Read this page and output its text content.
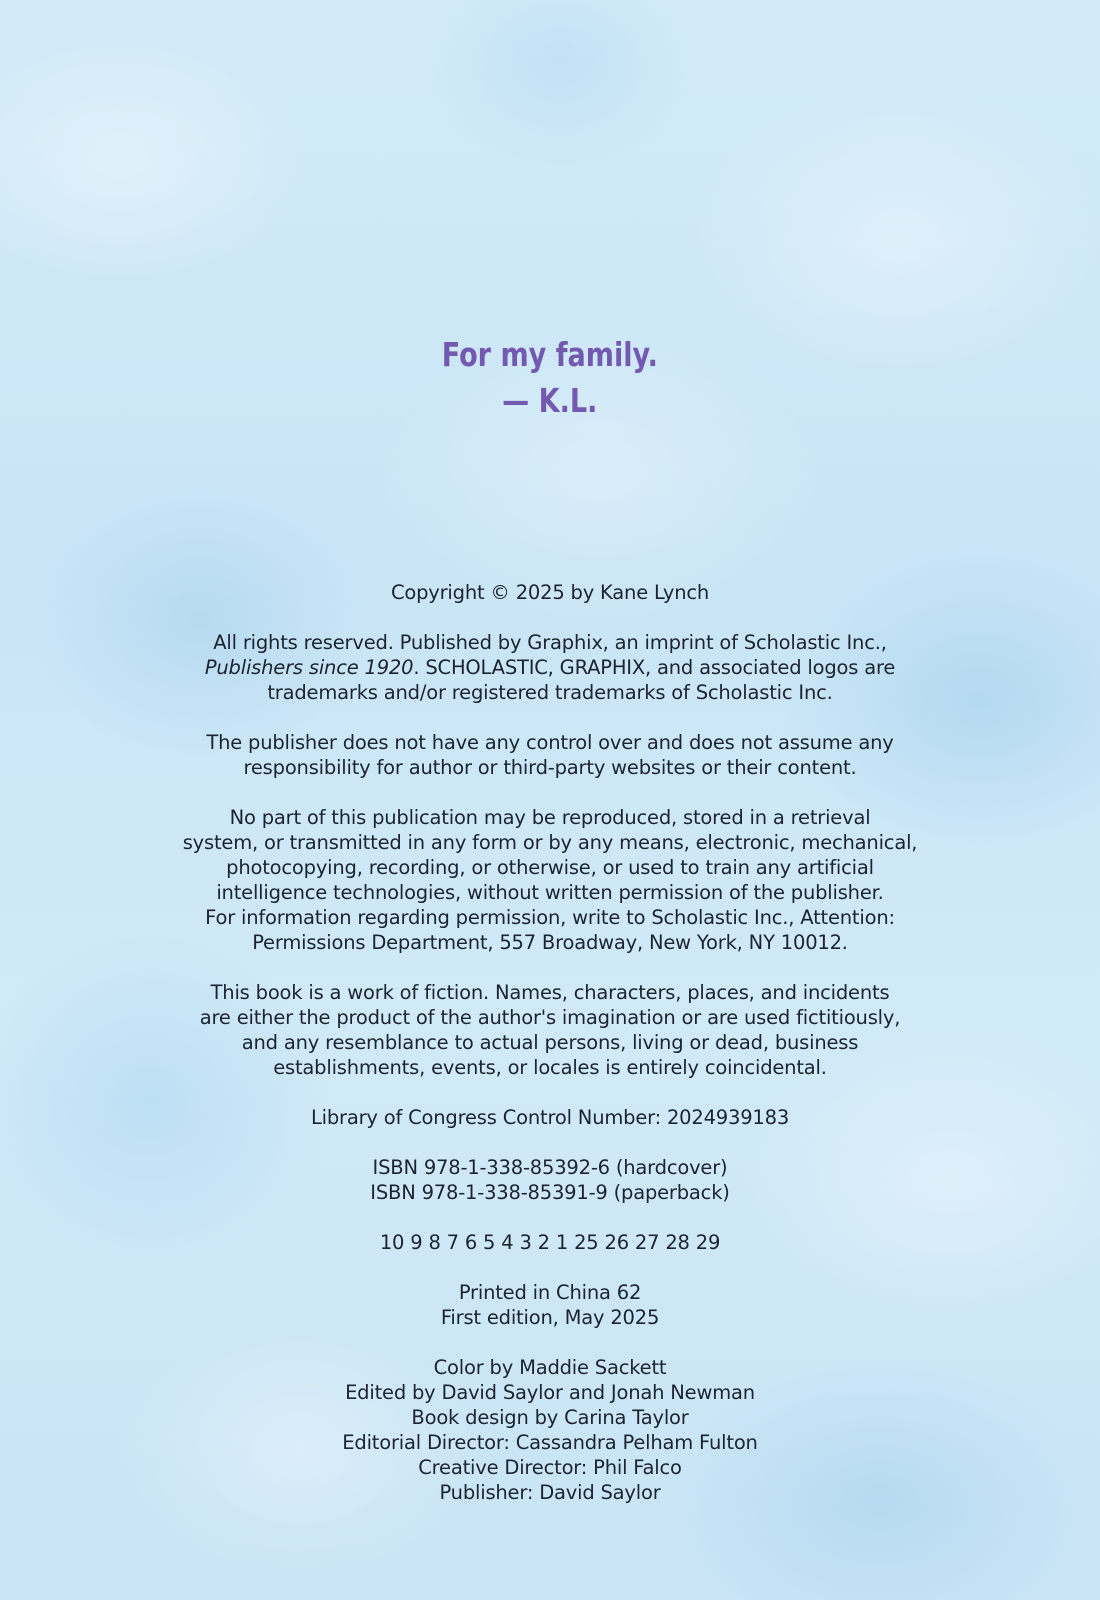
For my family.
— K.L.

Copyright © 2025 by Kane Lynch

All rights reserved. Published by Graphix, an imprint of Scholastic Inc.,
Publishers since 1920. SCHOLASTIC, GRAPHIX, and associated logos are
trademarks and/or registered trademarks of Scholastic Inc.

The publisher does not have any control over and does not assume any
responsibility for author or third-party websites or their content.

No part of this publication may be reproduced, stored in a retrieval
system, or transmitted in any form or by any means, electronic, mechanical,
photocopying, recording, or otherwise, or used to train any artificial
intelligence technologies, without written permission of the publisher.
For information regarding permission, write to Scholastic Inc., Attention:
Permissions Department, 557 Broadway, New York, NY 10012.

This book is a work of fiction. Names, characters, places, and incidents
are either the product of the author's imagination or are used fictitiously,
and any resemblance to actual persons, living or dead, business
establishments, events, or locales is entirely coincidental.

Library of Congress Control Number: 2024939183

ISBN 978-1-338-85392-6 (hardcover)
ISBN 978-1-338-85391-9 (paperback)

10 9 8 7 6 5 4 3 2 1 25 26 27 28 29

Printed in China 62
First edition, May 2025

Color by Maddie Sackett
Edited by David Saylor and Jonah Newman
Book design by Carina Taylor
Editorial Director: Cassandra Pelham Fulton
Creative Director: Phil Falco
Publisher: David Saylor
